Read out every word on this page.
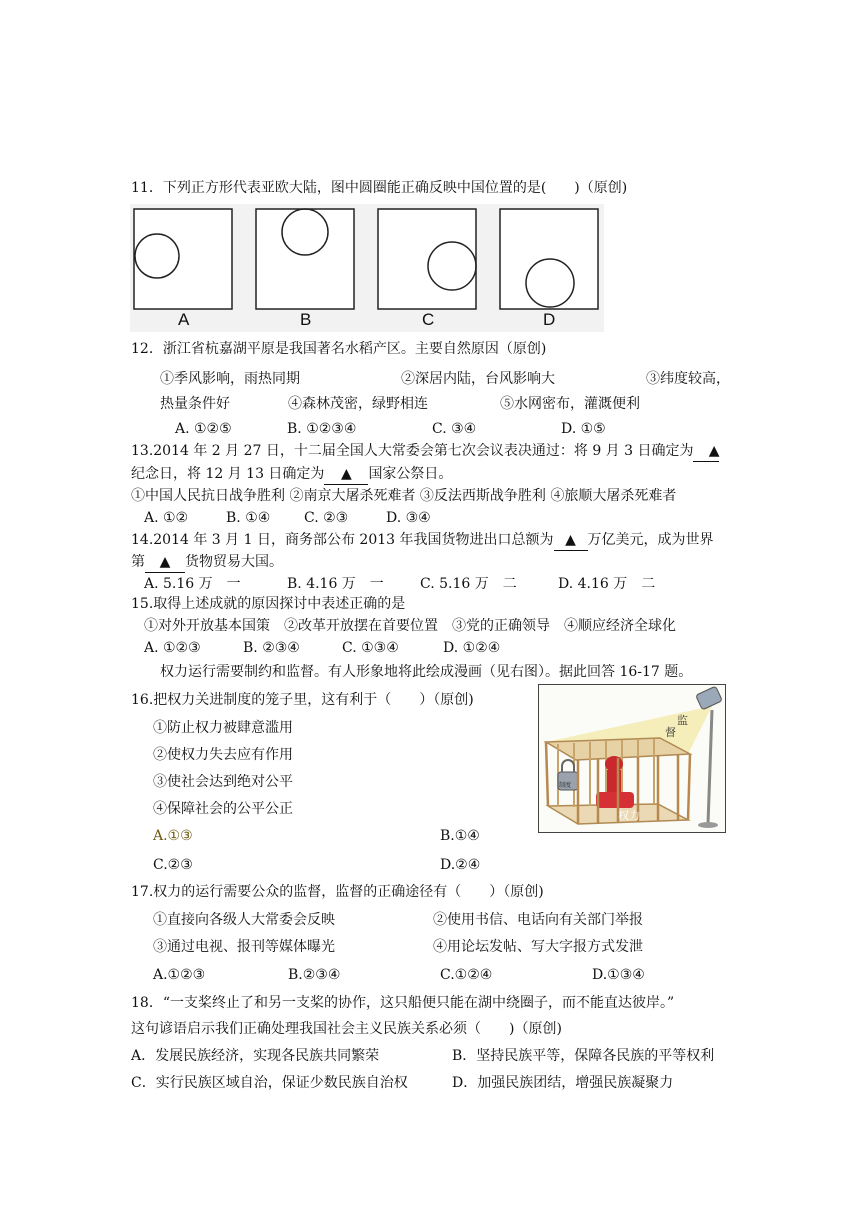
11．下列正方形代表亚欧大陆，图中圆圈能正确反映中国位置的是(　　)（原创)
A	B	C	D
12．浙江省杭嘉湖平原是我国著名水稻产区。主要自然原因（原创)
①季风影响，雨热同期	②深居内陆，台风影响大	③纬度较高，
热量条件好	④森林茂密，绿野相连	⑤水网密布，灌溉便利
A. ①②⑤	B. ①②③④	C. ③④	D. ①⑤
13.2014 年 2 月 27 日，十二届全国人大常委会第七次会议表决通过：将 9 月 3 日确定为 ▲
纪念日，将 12 月 13 日确定为 ▲ 国家公祭日。
①中国人民抗日战争胜利 ②南京大屠杀死难者 ③反法西斯战争胜利 ④旅顺大屠杀死难者
A. ①②	B. ①④ C. ②③	D. ③④
14.2014 年 3 月 1 日，商务部公布 2013 年我国货物进出口总额为 ▲ 万亿美元，成为世界
第 ▲ 货物贸易大国。
A. 5.16 万　一	B. 4.16 万　一	C. 5.16 万　二	D. 4.16 万　二
15.取得上述成就的原因探讨中表述正确的是
①对外开放基本国策　②改革开放摆在首要位置　③党的正确领导　④顺应经济全球化
A. ①②③	B. ②③④	C. ①③④	D. ①②④
权力运行需要制约和监督。有人形象地将此绘成漫画（见右图）。据此回答 16-17 题。
16.把权力关进制度的笼子里，这有利于（　　）（原创)
①防止权力被肆意滥用
②使权力失去应有作用
③使社会达到绝对公平
④保障社会的公平公正
A.①③	B.①④
C.②③	D.②④
监
督
权力
制度
17.权力的运行需要公众的监督，监督的正确途径有（　　）（原创)
①直接向各级人大常委会反映	②使用书信、电话向有关部门举报
③通过电视、报刊等媒体曝光	④用论坛发帖、写大字报方式发泄
A.①②③	B.②③④	C.①②④	D.①③④
18．“一支桨终止了和另一支桨的协作，这只船便只能在湖中绕圈子，而不能直达彼岸。”
这句谚语启示我们正确处理我国社会主义民族关系必须（　　)（原创)
A．发展民族经济，实现各民族共同繁荣	B．坚持民族平等，保障各民族的平等权利
C．实行民族区域自治，保证少数民族自治权	D．加强民族团结，增强民族凝聚力
